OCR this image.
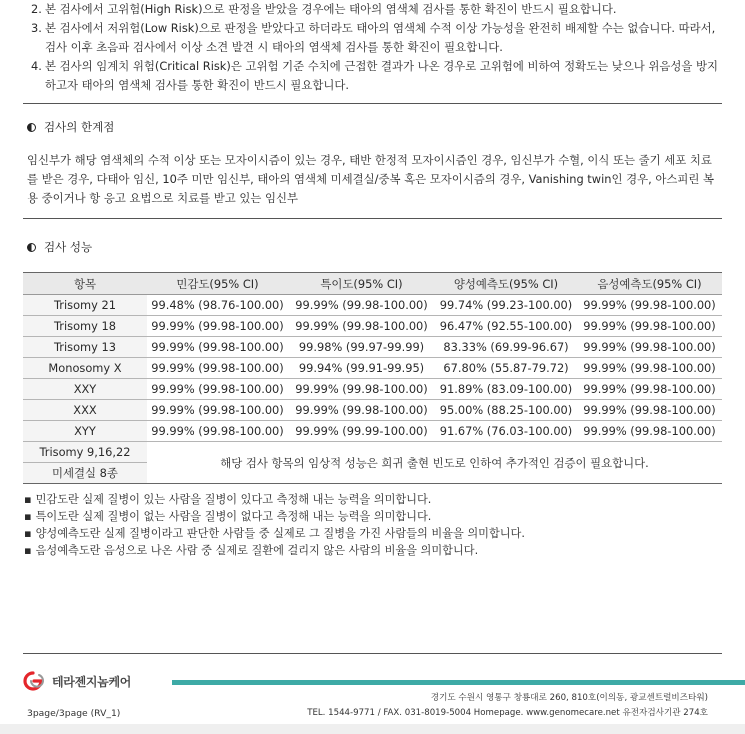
2. 본 검사에서 고위험(High Risk)으로 판정을 받았을 경우에는 태아의 염색체 검사를 통한 확진이 반드시 필요합니다.
3. 본 검사에서 저위험(Low Risk)으로 판정을 받았다고 하더라도 태아의 염색체 수적 이상 가능성을 완전히 배제할 수는 없습니다. 따라서, 검사 이후 초음파 검사에서 이상 소견 발견 시 태아의 염색체 검사를 통한 확진이 필요합니다.
4. 본 검사의 임계치 위험(Critical Risk)은 고위험 기준 수치에 근접한 결과가 나온 경우로 고위험에 비하여 정확도는 낮으나 위음성을 방지하고자 태아의 염색체 검사를 통한 확진이 반드시 필요합니다.
검사의 한계점

임신부가 해당 염색체의 수적 이상 또는 모자이시즘이 있는 경우, 태반 한정적 모자이시즘인 경우, 임신부가 수혈, 이식 또는 줄기 세포 치료를 받은 경우, 다태아 임신, 10주 미만 임신부, 태아의 염색체 미세결실/중복 혹은 모자이시즘의 경우, Vanishing twin인 경우, 아스피린 복용 중이거나 항 응고 요법으로 치료를 받고 있는 임신부

검사 성능
항목	민감도(95% CI)	특이도(95% CI)	양성예측도(95% CI)	음성예측도(95% CI)
Trisomy 21	99.48% (98.76-100.00)	99.99% (99.98-100.00)	99.74% (99.23-100.00)	99.99% (99.98-100.00)
Trisomy 18	99.99% (99.98-100.00)	99.99% (99.98-100.00)	96.47% (92.55-100.00)	99.99% (99.98-100.00)
Trisomy 13	99.99% (99.98-100.00)	99.98% (99.97-99.99)	83.33% (69.99-96.67)	99.99% (99.98-100.00)
Monosomy X	99.99% (99.98-100.00)	99.94% (99.91-99.95)	67.80% (55.87-79.72)	99.99% (99.98-100.00)
XXY	99.99% (99.98-100.00)	99.99% (99.98-100.00)	91.89% (83.09-100.00)	99.99% (99.98-100.00)
XXX	99.99% (99.98-100.00)	99.99% (99.98-100.00)	95.00% (88.25-100.00)	99.99% (99.98-100.00)
XYY	99.99% (99.98-100.00)	99.99% (99.99-100.00)	91.67% (76.03-100.00)	99.99% (99.98-100.00)
Trisomy 9,16,22	해당 검사 항목의 임상적 성능은 희귀 출현 빈도로 인하여 추가적인 검증이 필요합니다.			
미세결실 8종				
▪ 민감도란 실제 질병이 있는 사람을 질병이 있다고 측정해 내는 능력을 의미합니다.
▪ 특이도란 실제 질병이 없는 사람을 질병이 없다고 측정해 내는 능력을 의미합니다.
▪ 양성예측도란 실제 질병이라고 판단한 사람들 중 실제로 그 질병을 가진 사람들의 비율을 의미합니다.
▪ 음성예측도란 음성으로 나온 사람 중 실제로 질환에 걸리지 않은 사람의 비율을 의미합니다.
테라젠지놈케어
경기도 수원시 영통구 창룡대로 260, 810호(이의동, 광교센트럴비즈타워)
TEL. 1544-9771 / FAX. 031-8019-5004 Homepage. www.genomecare.net 유전자검사기관 274호
3page/3page (RV_1)
